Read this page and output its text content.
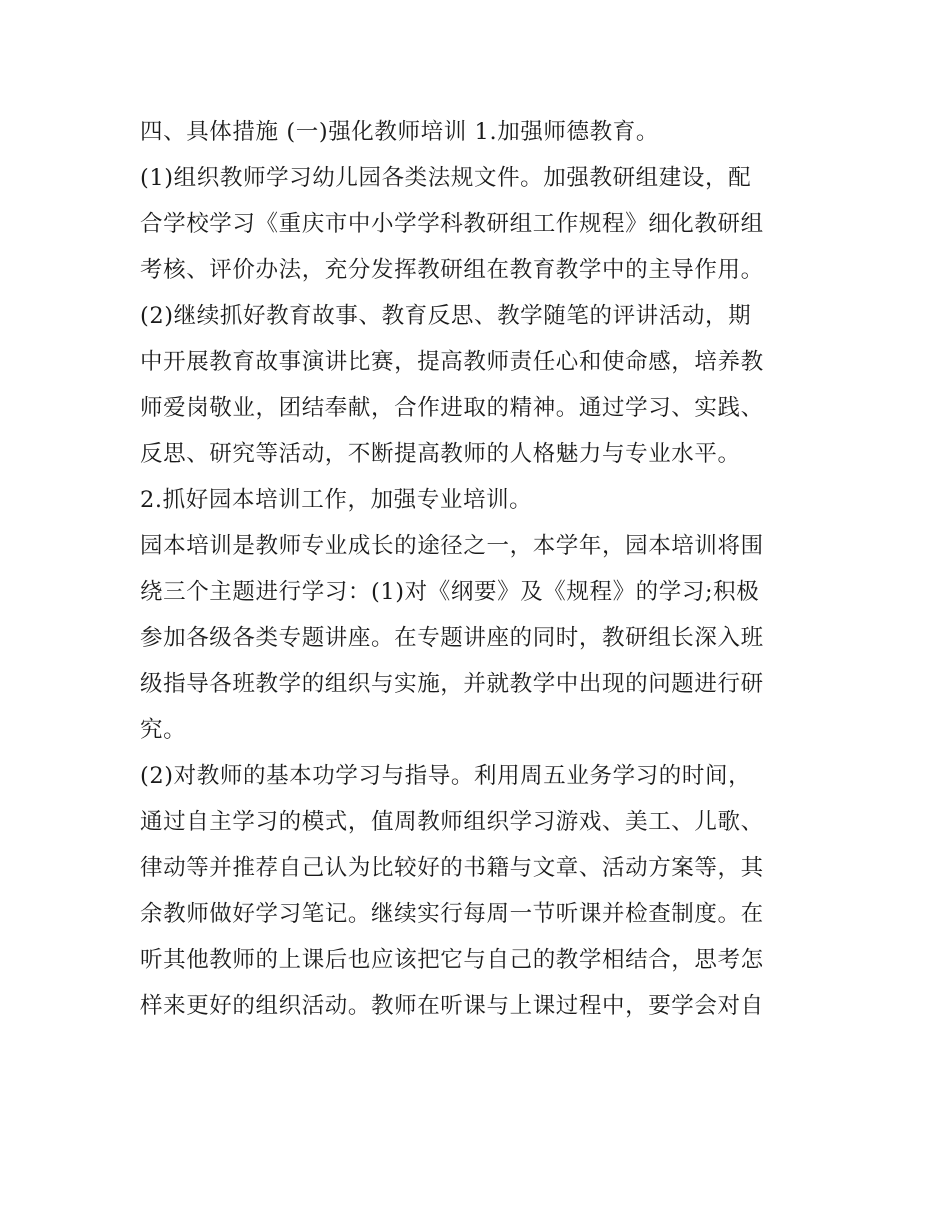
四、具体措施 (一)强化教师培训 1.加强师德教育。
(1)组织教师学习幼儿园各类法规文件。加强教研组建设，配
合学校学习《重庆市中小学学科教研组工作规程》细化教研组
考核、评价办法，充分发挥教研组在教育教学中的主导作用。
(2)继续抓好教育故事、教育反思、教学随笔的评讲活动，期
中开展教育故事演讲比赛，提高教师责任心和使命感，培养教
师爱岗敬业，团结奉献，合作进取的精神。通过学习、实践、
反思、研究等活动，不断提高教师的人格魅力与专业水平。
2.抓好园本培训工作，加强专业培训。
园本培训是教师专业成长的途径之一，本学年，园本培训将围
绕三个主题进行学习：(1)对《纲要》及《规程》的学习;积极
参加各级各类专题讲座。在专题讲座的同时，教研组长深入班
级指导各班教学的组织与实施，并就教学中出现的问题进行研
究。
(2)对教师的基本功学习与指导。利用周五业务学习的时间，
通过自主学习的模式，值周教师组织学习游戏、美工、儿歌、
律动等并推荐自己认为比较好的书籍与文章、活动方案等，其
余教师做好学习笔记。继续实行每周一节听课并检查制度。在
听其他教师的上课后也应该把它与自己的教学相结合，思考怎
样来更好的组织活动。教师在听课与上课过程中，要学会对自
